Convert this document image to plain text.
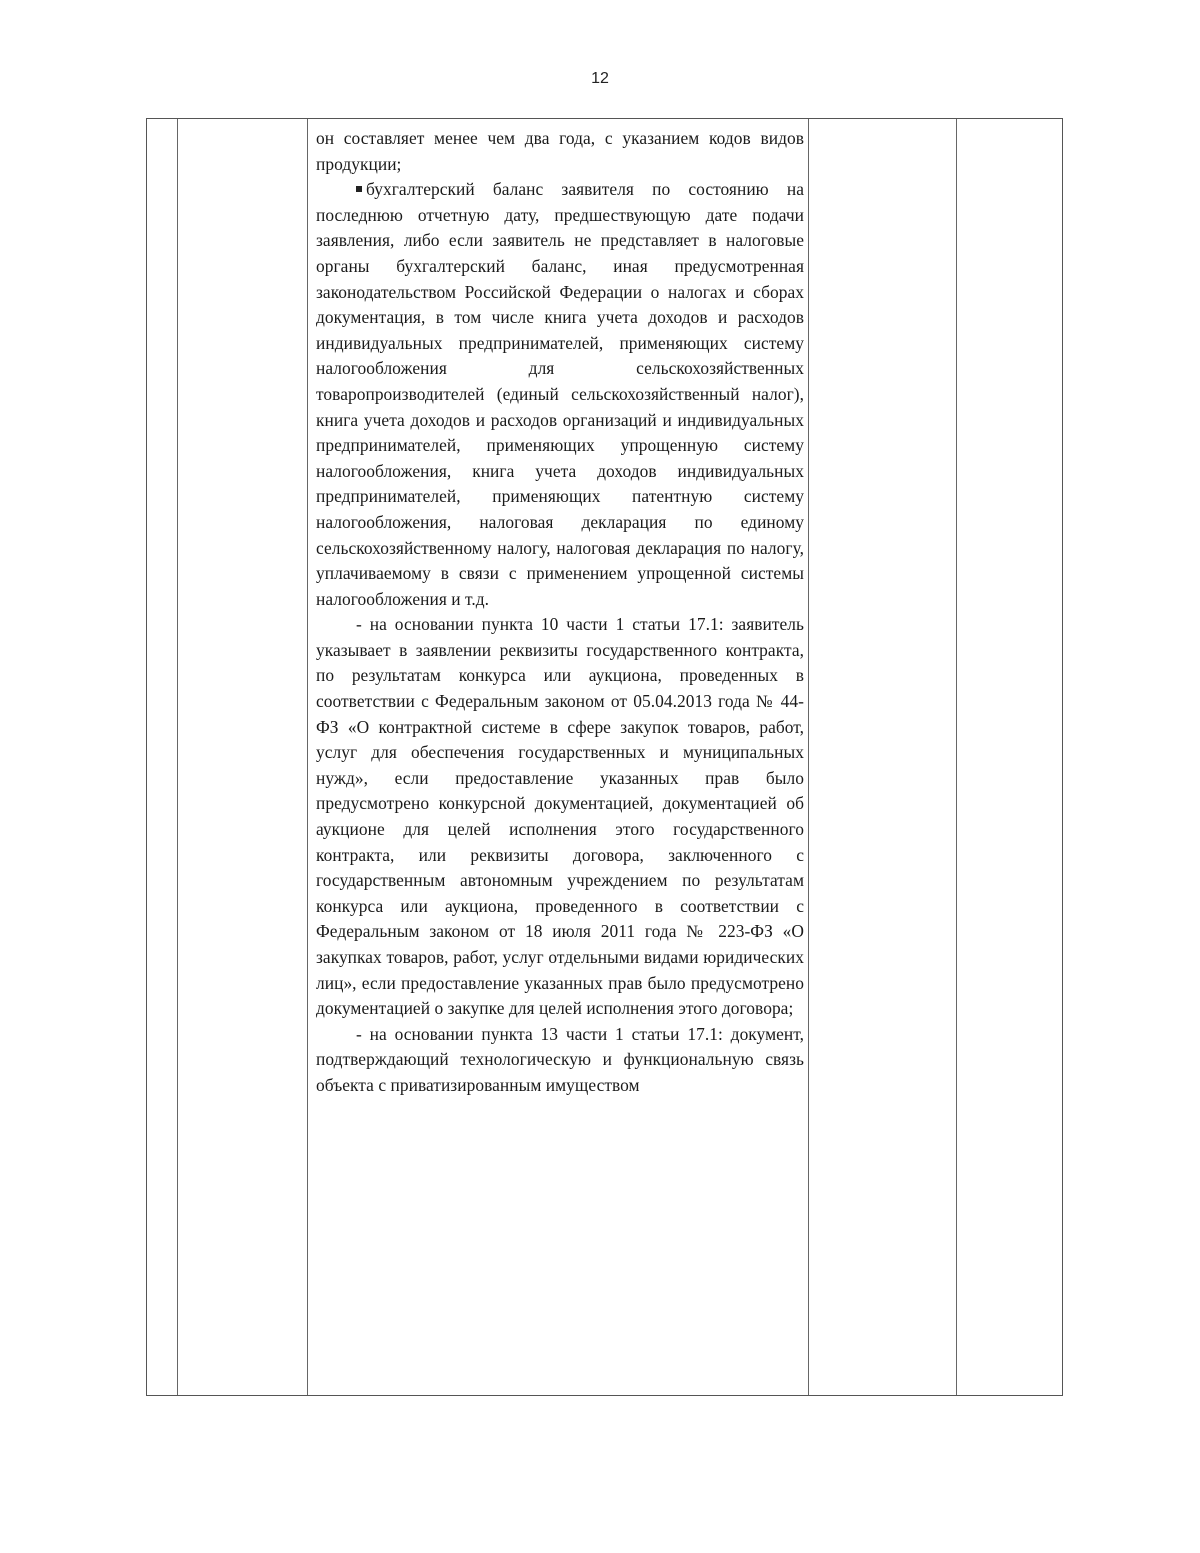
12

он составляет менее чем два года, с указанием кодов видов продукции;

бухгалтерский баланс заявителя по состоянию на последнюю отчетную дату, предшествующую дате подачи заявления, либо если заявитель не представляет в налоговые органы бухгалтерский баланс, иная предусмотренная законодательством Российской Федерации о налогах и сборах документация, в том числе книга учета доходов и расходов индивидуальных предпринимателей, применяющих систему налогообложения для сельскохозяйственных товаропроизводителей (единый сельскохозяйственный налог), книга учета доходов и расходов организаций и индивидуальных предпринимателей, применяющих упрощенную систему налогообложения, книга учета доходов индивидуальных предпринимателей, применяющих патентную систему налогообложения, налоговая декларация по единому сельскохозяйственному налогу, налоговая декларация по налогу, уплачиваемому в связи с применением упрощенной системы налогообложения и т.д.

- на основании пункта 10 части 1 статьи 17.1: заявитель указывает в заявлении реквизиты государственного контракта, по результатам конкурса или аукциона, проведенных в соответствии с Федеральным законом от 05.04.2013 года № 44-ФЗ «О контрактной системе в сфере закупок товаров, работ, услуг для обеспечения государственных и муниципальных нужд», если предоставление указанных прав было предусмотрено конкурсной документацией, документацией об аукционе для целей исполнения этого государственного контракта, или реквизиты договора, заключенного с государственным автономным учреждением по результатам конкурса или аукциона, проведенного в соответствии с Федеральным законом от 18 июля 2011 года № 223-ФЗ «О закупках товаров, работ, услуг отдельными видами юридических лиц», если предоставление указанных прав было предусмотрено документацией о закупке для целей исполнения этого договора;

- на основании пункта 13 части 1 статьи 17.1: документ, подтверждающий технологическую и функциональную связь объекта с приватизированным имуществом
